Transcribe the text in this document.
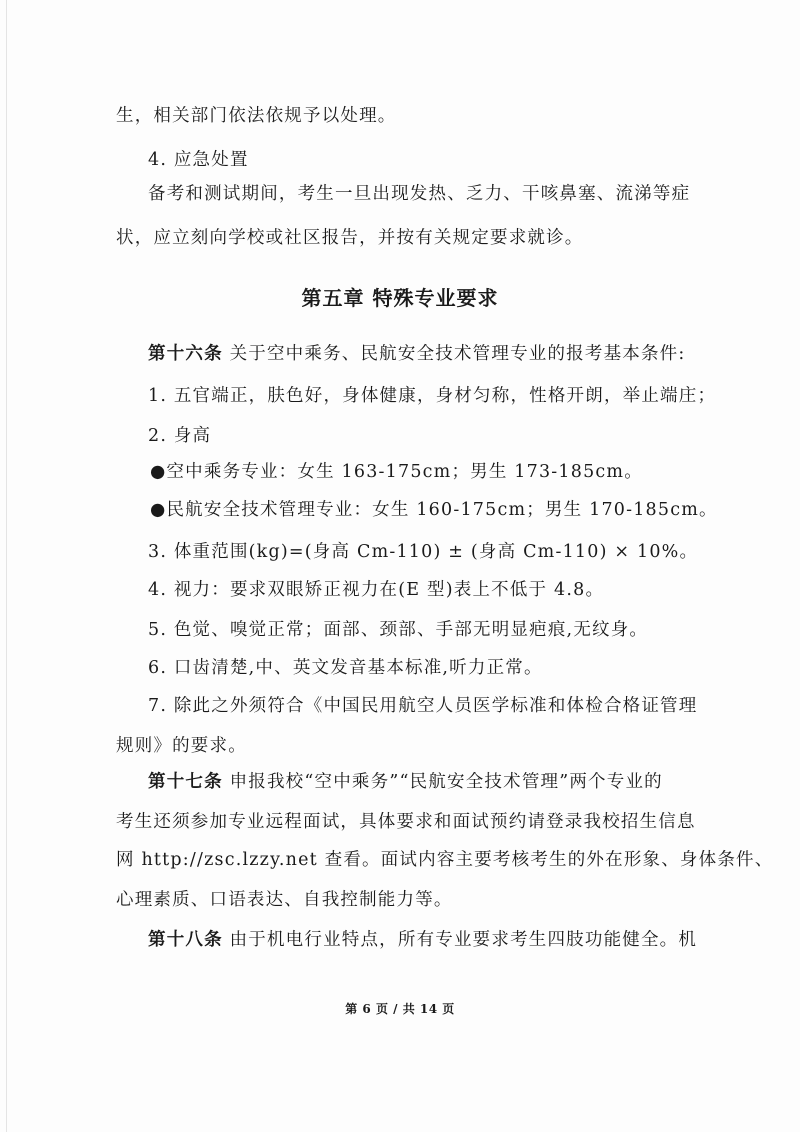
生，相关部门依法依规予以处理。
4. 应急处置
备考和测试期间，考生一旦出现发热、乏力、干咳鼻塞、流涕等症
状，应立刻向学校或社区报告，并按有关规定要求就诊。
第五章 特殊专业要求
第十六条 关于空中乘务、民航安全技术管理专业的报考基本条件:
1. 五官端正，肤色好，身体健康，身材匀称，性格开朗，举止端庄；
2. 身高
●空中乘务专业：女生 163-175cm；男生 173-185cm。
●民航安全技术管理专业：女生 160-175cm；男生 170-185cm。
3. 体重范围(kg)=(身高 Cm-110) ± (身高 Cm-110) × 10%。
4. 视力：要求双眼矫正视力在(E 型)表上不低于 4.8。
5. 色觉、嗅觉正常；面部、颈部、手部无明显疤痕,无纹身。
6. 口齿清楚,中、英文发音基本标准,听力正常。
7. 除此之外须符合《中国民用航空人员医学标准和体检合格证管理
规则》的要求。
第十七条 申报我校“空中乘务”“民航安全技术管理”两个专业的
考生还须参加专业远程面试，具体要求和面试预约请登录我校招生信息
网 http://zsc.lzzy.net 查看。面试内容主要考核考生的外在形象、身体条件、
心理素质、口语表达、自我控制能力等。
第十八条 由于机电行业特点，所有专业要求考生四肢功能健全。机
第 6 页 / 共 14 页
